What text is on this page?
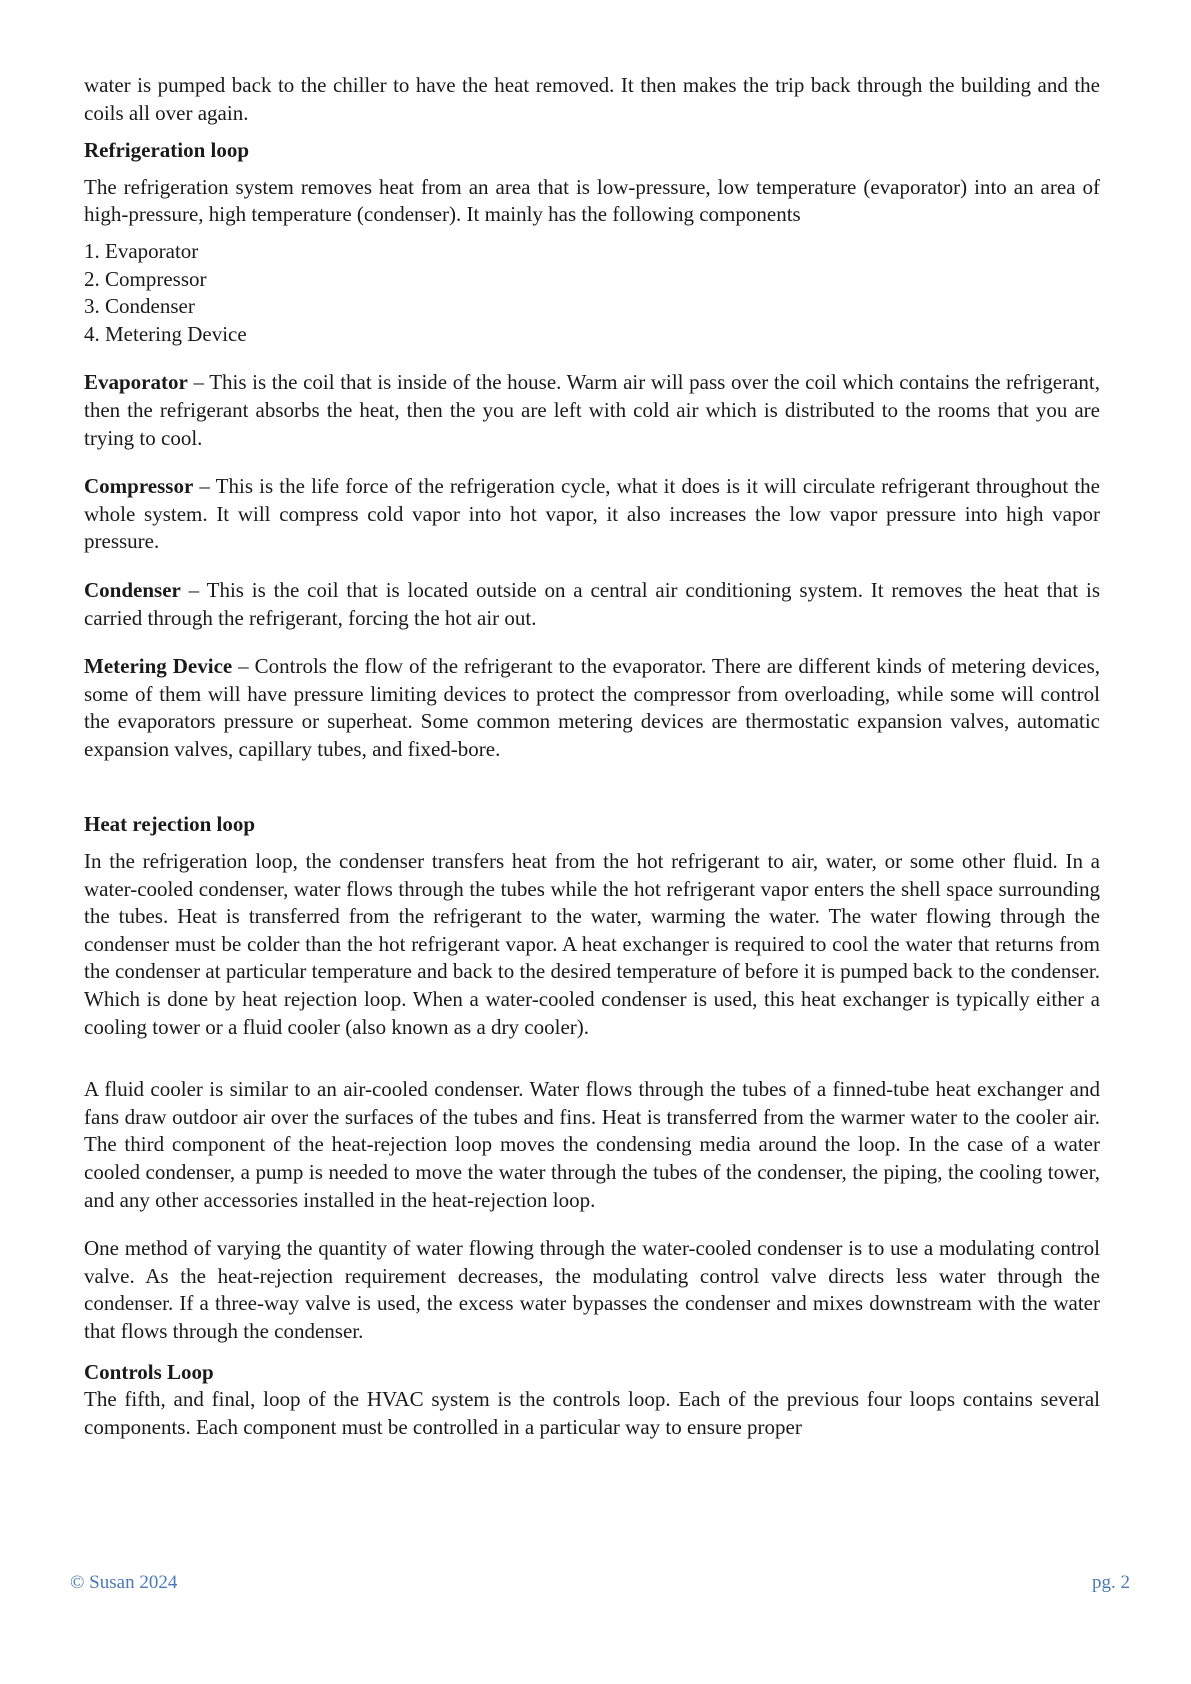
water is pumped back to the chiller to have the heat removed. It then makes the trip back through the building and the coils all over again.

Refrigeration loop

The refrigeration system removes heat from an area that is low-pressure, low temperature (evaporator) into an area of high-pressure, high temperature (condenser). It mainly has the following components

1. Evaporator
2. Compressor
3. Condenser
4. Metering Device

Evaporator – This is the coil that is inside of the house. Warm air will pass over the coil which contains the refrigerant, then the refrigerant absorbs the heat, then the you are left with cold air which is distributed to the rooms that you are trying to cool.

Compressor – This is the life force of the refrigeration cycle, what it does is it will circulate refrigerant throughout the whole system. It will compress cold vapor into hot vapor, it also increases the low vapor pressure into high vapor pressure.

Condenser – This is the coil that is located outside on a central air conditioning system. It removes the heat that is carried through the refrigerant, forcing the hot air out.

Metering Device – Controls the flow of the refrigerant to the evaporator. There are different kinds of metering devices, some of them will have pressure limiting devices to protect the compressor from overloading, while some will control the evaporators pressure or superheat. Some common metering devices are thermostatic expansion valves, automatic expansion valves, capillary tubes, and fixed-bore.

Heat rejection loop

In the refrigeration loop, the condenser transfers heat from the hot refrigerant to air, water, or some other fluid. In a water-cooled condenser, water flows through the tubes while the hot refrigerant vapor enters the shell space surrounding the tubes. Heat is transferred from the refrigerant to the water, warming the water. The water flowing through the condenser must be colder than the hot refrigerant vapor. A heat exchanger is required to cool the water that returns from the condenser at particular temperature and back to the desired temperature of before it is pumped back to the condenser. Which is done by heat rejection loop. When a water-cooled condenser is used, this heat exchanger is typically either a cooling tower or a fluid cooler (also known as a dry cooler).

A fluid cooler is similar to an air-cooled condenser. Water flows through the tubes of a finned-tube heat exchanger and fans draw outdoor air over the surfaces of the tubes and fins. Heat is transferred from the warmer water to the cooler air. The third component of the heat-rejection loop moves the condensing media around the loop. In the case of a water cooled condenser, a pump is needed to move the water through the tubes of the condenser, the piping, the cooling tower, and any other accessories installed in the heat-rejection loop.

One method of varying the quantity of water flowing through the water-cooled condenser is to use a modulating control valve. As the heat-rejection requirement decreases, the modulating control valve directs less water through the condenser. If a three-way valve is used, the excess water bypasses the condenser and mixes downstream with the water that flows through the condenser.

Controls Loop

The fifth, and final, loop of the HVAC system is the controls loop. Each of the previous four loops contains several components. Each component must be controlled in a particular way to ensure proper

© Susan 2024	pg. 2
